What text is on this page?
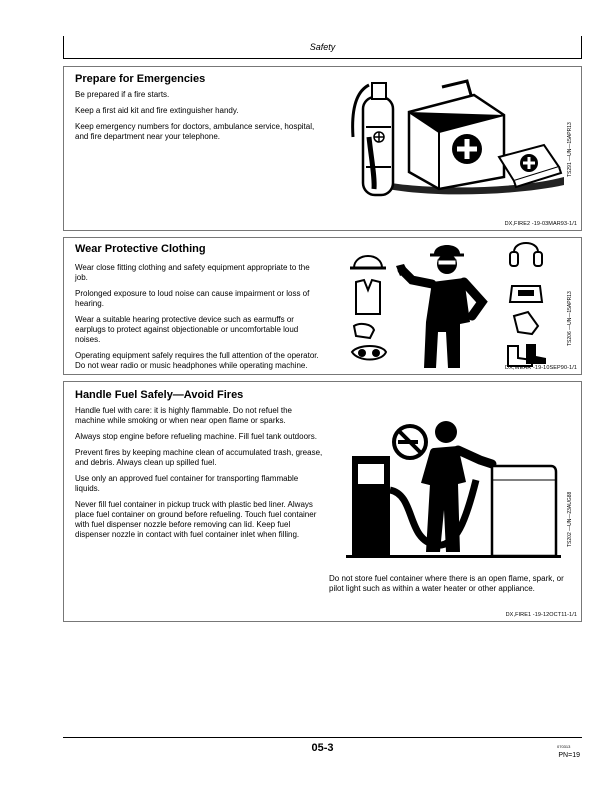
Safety
Prepare for Emergencies

Be prepared if a fire starts.

Keep a first aid kit and fire extinguisher handy.

Keep emergency numbers for doctors, ambulance service, hospital, and fire department near your telephone.	TS291 —UN—15APR13
DX,FIRE2 -19-03MAR93-1/1
Wear Protective Clothing

Wear close fitting clothing and safety equipment appropriate to the job.

Prolonged exposure to loud noise can cause impairment or loss of hearing.

Wear a suitable hearing protective device such as earmuffs or earplugs to protect against objectionable or uncomfortable loud noises.

Operating equipment safely requires the full attention of the operator. Do not wear radio or music headphones while operating machine.

TS206 —UN—15APR13
DX,WEAR -19-10SEP90-1/1
Handle Fuel Safely—Avoid Fires

Handle fuel with care: it is highly flammable. Do not refuel the machine while smoking or when near open flame or sparks.

Always stop engine before refueling machine. Fill fuel tank outdoors.

Prevent fires by keeping machine clean of accumulated trash, grease, and debris. Always clean up spilled fuel.

Use only an approved fuel container for transporting flammable liquids.

Never fill fuel container in pickup truck with plastic bed liner. Always place fuel container on ground before refueling. Touch fuel container with fuel dispenser nozzle before removing can lid. Keep fuel dispenser nozzle in contact with fuel container inlet when filling.	TS202 —UN—23AUG88
Do not store fuel container where there is an open flame, spark, or pilot light such as within a water heater or other appliance.
DX,FIRE1 -19-12OCT11-1/1
05-3	070313
PN=19
